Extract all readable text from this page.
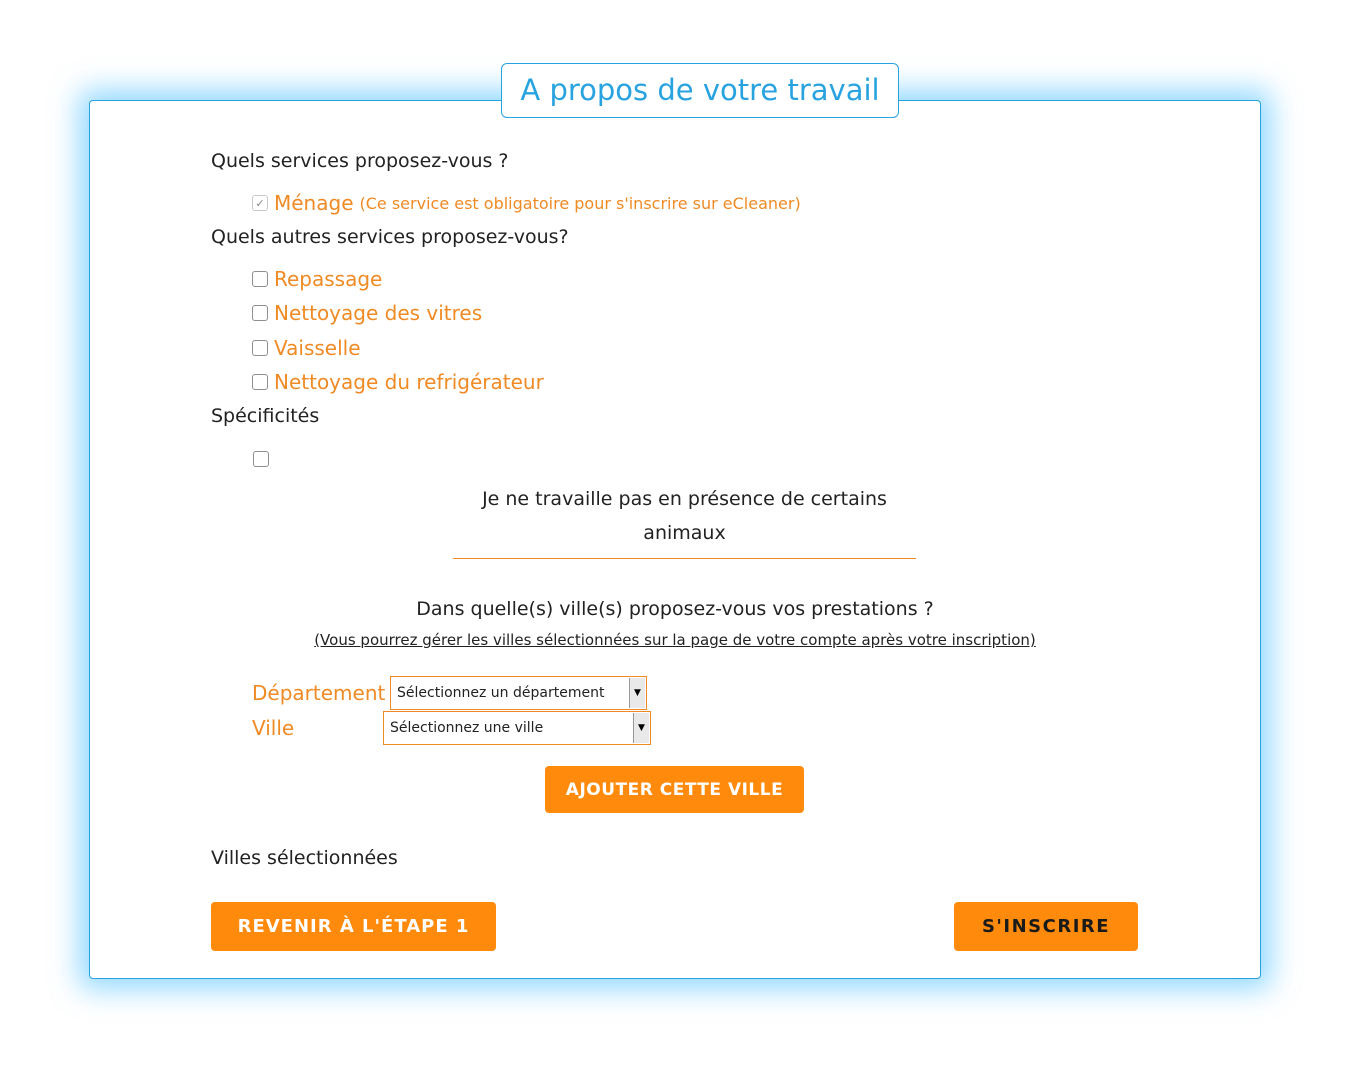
A propos de votre travail
Quels services proposez-vous ?
✓ Ménage (Ce service est obligatoire pour s'inscrire sur eCleaner)
Quels autres services proposez-vous?
Repassage
Nettoyage des vitres
Vaisselle
Nettoyage du refrigérateur
Spécificités
Je ne travaille pas en présence de certains
animaux
Dans quelle(s) ville(s) proposez-vous vos prestations ?
(Vous pourrez gérer les villes sélectionnées sur la page de votre compte après votre inscription)
Département Sélectionnez un département	▼
Ville	Sélectionnez une ville	▼
AJOUTER CETTE VILLE
Villes sélectionnées
REVENIR À L'ÉTAPE 1	S'INSCRIRE
